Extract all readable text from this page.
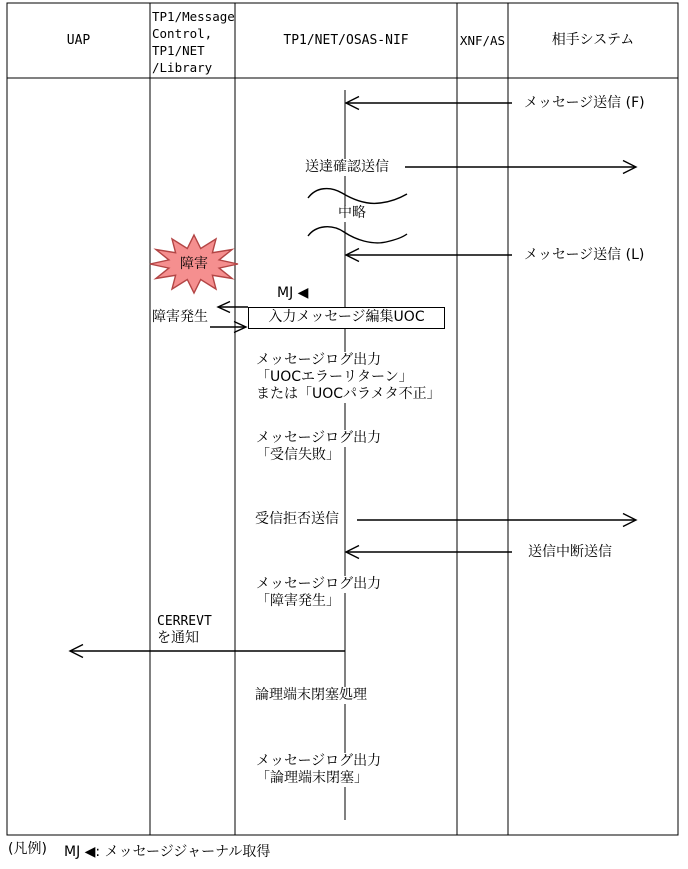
UAP
TP1/Message
Control,
TP1/NET
/Library
TP1/NET/OSAS-NIF	XNF/AS	相手システム
メッセージ送信 (F)
送達確認送信
中略
メッセージ送信 (L)
障害
MJ ◀
入力メッセージ編集UOC
障害発生
メッセージログ出力
「UOCエラーリターン」
または「UOCパラメタ不正」
メッセージログ出力
「受信失敗」
受信拒否送信
送信中断送信
メッセージログ出力
「障害発生」
CERREVT
を通知
論理端末閉塞処理
メッセージログ出力
「論理端末閉塞」
(凡例) MJ ◀: メッセージジャーナル取得
